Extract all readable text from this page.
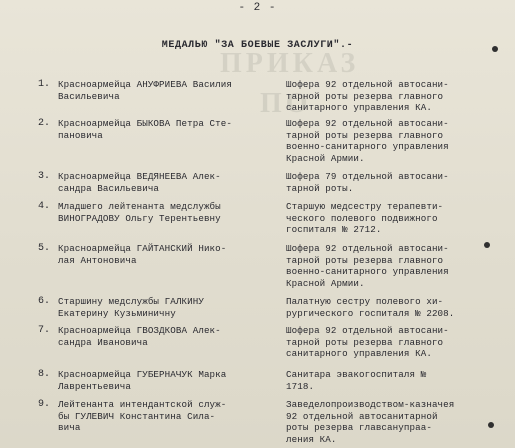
ПРИКАЗ
ПО
- 2 -
МЕДАЛЬЮ "ЗА БОЕВЫЕ ЗАСЛУГИ".-
1. Красноармейца АНУФРИЕВА Василия
Васильевича
Шофера 92 отдельной автосани-
тарной роты резерва главного
санитарного управления КА.
2. Красноармейца БЫКОВА Петра Сте-
пановича
Шофера 92 отдельной автосани-
тарной роты резерва главного
военно-санитарного управления
Красной Армии.
3. Красноармейца ВЕДЯНЕЕВА Алек-
сандра Васильевича
Шофера 79 отдельной автосани-
тарной роты.
4. Младшего лейтенанта медслужбы
ВИНОГРАДОВУ Ольгу Терентьевну
Старшую медсестру терапевти-
ческого полевого подвижного
госпиталя № 2712.
5. Красноармейца ГАЙТАНСКИЙ Нико-
лая Антоновича
Шофера 92 отдельной автосани-
тарной роты резерва главного
военно-санитарного управления
Красной Армии.
6. Старшину медслужбы ГАЛКИНУ
Екатерину Кузьминичну
Палатную сестру полевого хи-
рургического госпиталя № 2208.
7. Красноармейца ГВОЗДКОВА Алек-
сандра Ивановича
Шофера 92 отдельной автосани-
тарной роты резерва главного
санитарного управления КА.
8. Красноармейца ГУБЕРНАЧУК Марка
Лаврентьевича
Санитара эвакогоспиталя №
1718.
9. Лейтенанта интендантской служ-
бы ГУЛЕВИЧ Константина Сила-
вича
Заведелопроизводством-казначея
92 отдельной автосанитарной
роты резерва главсанупраа-
ления КА.
